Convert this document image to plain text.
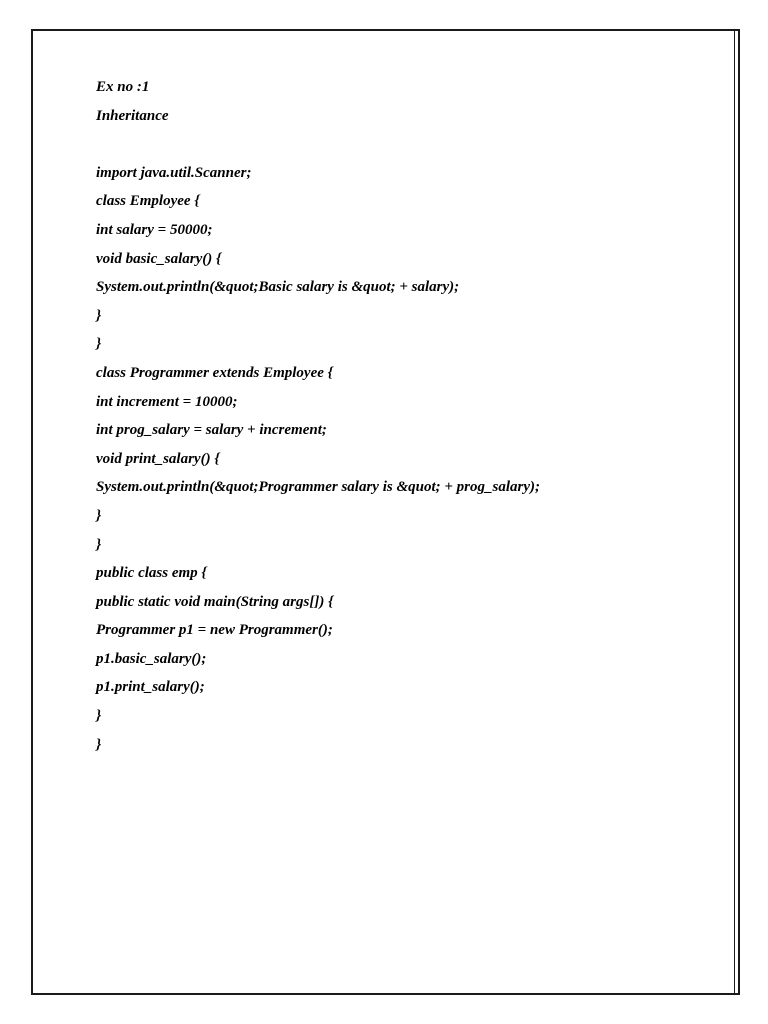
Ex no :1
Inheritance
import java.util.Scanner;
class Employee {
int salary = 50000;
void basic_salary() {
System.out.println(&quot;Basic salary is &quot; + salary);
}
}
class Programmer extends Employee {
int increment = 10000;
int prog_salary = salary + increment;
void print_salary() {
System.out.println(&quot;Programmer salary is &quot; + prog_salary);
}
}
public class emp {
public static void main(String args[]) {
Programmer p1 = new Programmer();
p1.basic_salary();
p1.print_salary();
}
}
